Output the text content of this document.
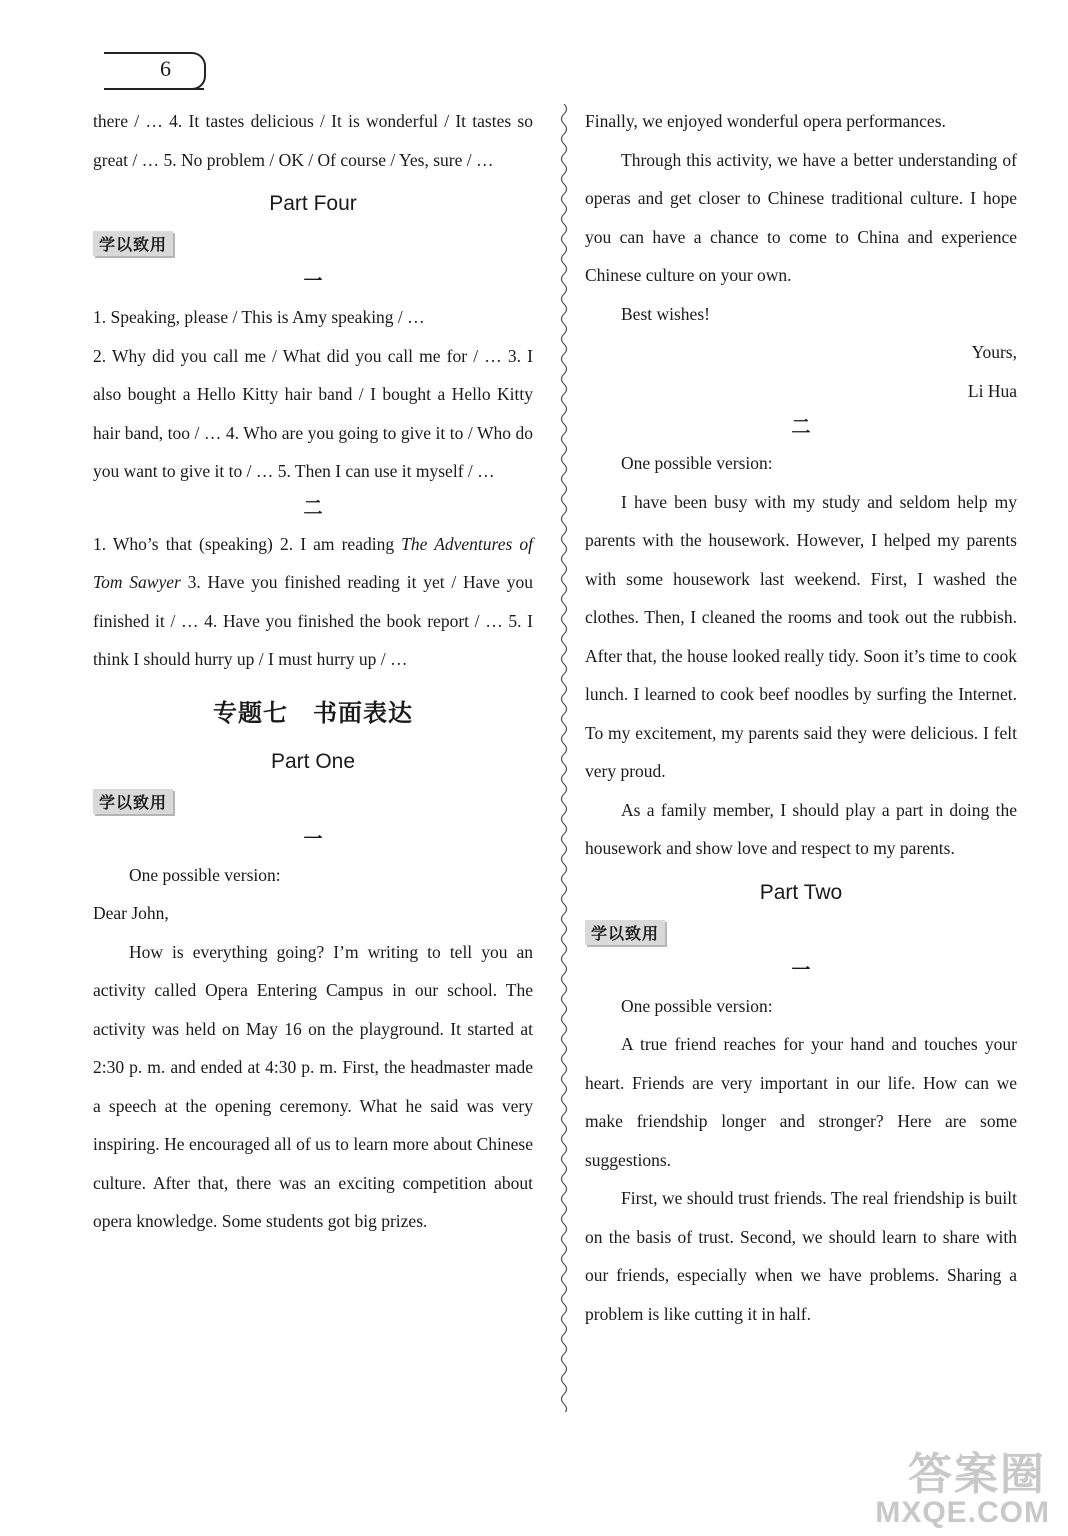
6

there / … 4. It tastes delicious / It is wonderful / It tastes so great / … 5. No problem / OK / Of course / Yes, sure / …

Part Four
学以致用
一

1. Speaking, please / This is Amy speaking / …

2. Why did you call me / What did you call me for / … 3. I also bought a Hello Kitty hair band / I bought a Hello Kitty hair band, too / … 4. Who are you going to give it to / Who do you want to give it to / … 5. Then I can use it myself / …

二

1. Who’s that (speaking) 2. I am reading The Adventures of Tom Sawyer 3. Have you finished reading it yet / Have you finished it / … 4. Have you finished the book report / … 5. I think I should hurry up / I must hurry up / …

专题七　书面表达
Part One
学以致用
一

One possible version:

Dear John,

How is everything going? I’m writing to tell you an activity called Opera Entering Campus in our school. The activity was held on May 16 on the playground. It started at 2:30 p. m. and ended at 4:30 p. m. First, the headmaster made a speech at the opening ceremony. What he said was very inspiring. He encouraged all of us to learn more about Chinese culture. After that, there was an exciting competition about opera knowledge. Some students got big prizes.

Finally, we enjoyed wonderful opera performances.

Through this activity, we have a better understanding of operas and get closer to Chinese traditional culture. I hope you can have a chance to come to China and experience Chinese culture on your own.

Best wishes!

Yours,

Li Hua

二

One possible version:

I have been busy with my study and seldom help my parents with the housework. However, I helped my parents with some housework last weekend. First, I washed the clothes. Then, I cleaned the rooms and took out the rubbish. After that, the house looked really tidy. Soon it’s time to cook lunch. I learned to cook beef noodles by surfing the Internet. To my excitement, my parents said they were delicious. I felt very proud.

As a family member, I should play a part in doing the housework and show love and respect to my parents.

Part Two
学以致用
一

One possible version:

A true friend reaches for your hand and touches your heart. Friends are very important in our life. How can we make friendship longer and stronger? Here are some suggestions.

First, we should trust friends. The real friendship is built on the basis of trust. Second, we should learn to share with our friends, especially when we have problems. Sharing a problem is like cutting it in half.

答案圈
MXQE.COM
